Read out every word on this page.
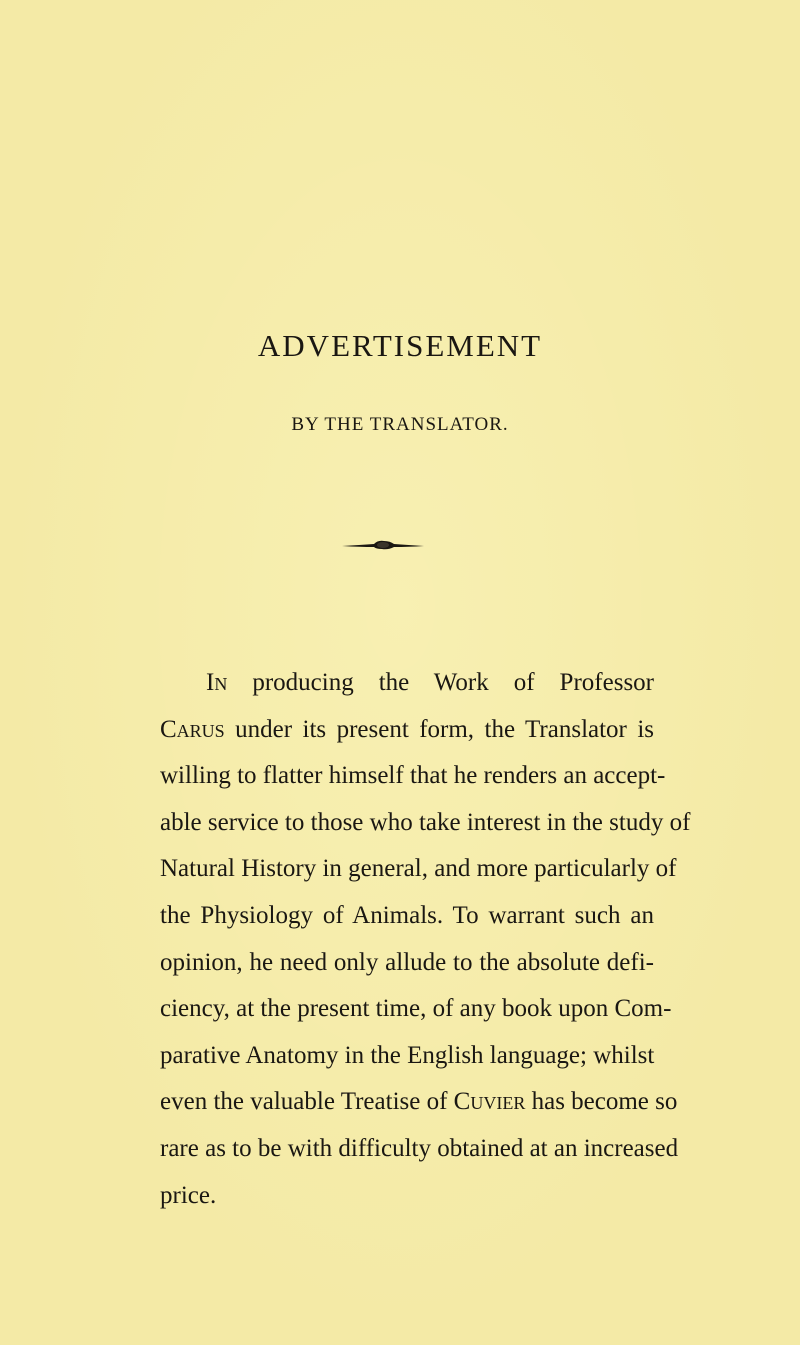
ADVERTISEMENT
BY THE TRANSLATOR.
In producing the Work of Professor
Carus under its present form, the Translator is
willing to flatter himself that he renders an accept-
able service to those who take interest in the study of
Natural History in general, and more particularly of
the Physiology of Animals. To warrant such an
opinion, he need only allude to the absolute defi-
ciency, at the present time, of any book upon Com-
parative Anatomy in the English language; whilst
even the valuable Treatise of Cuvier has become so
rare as to be with difficulty obtained at an increased
price.
